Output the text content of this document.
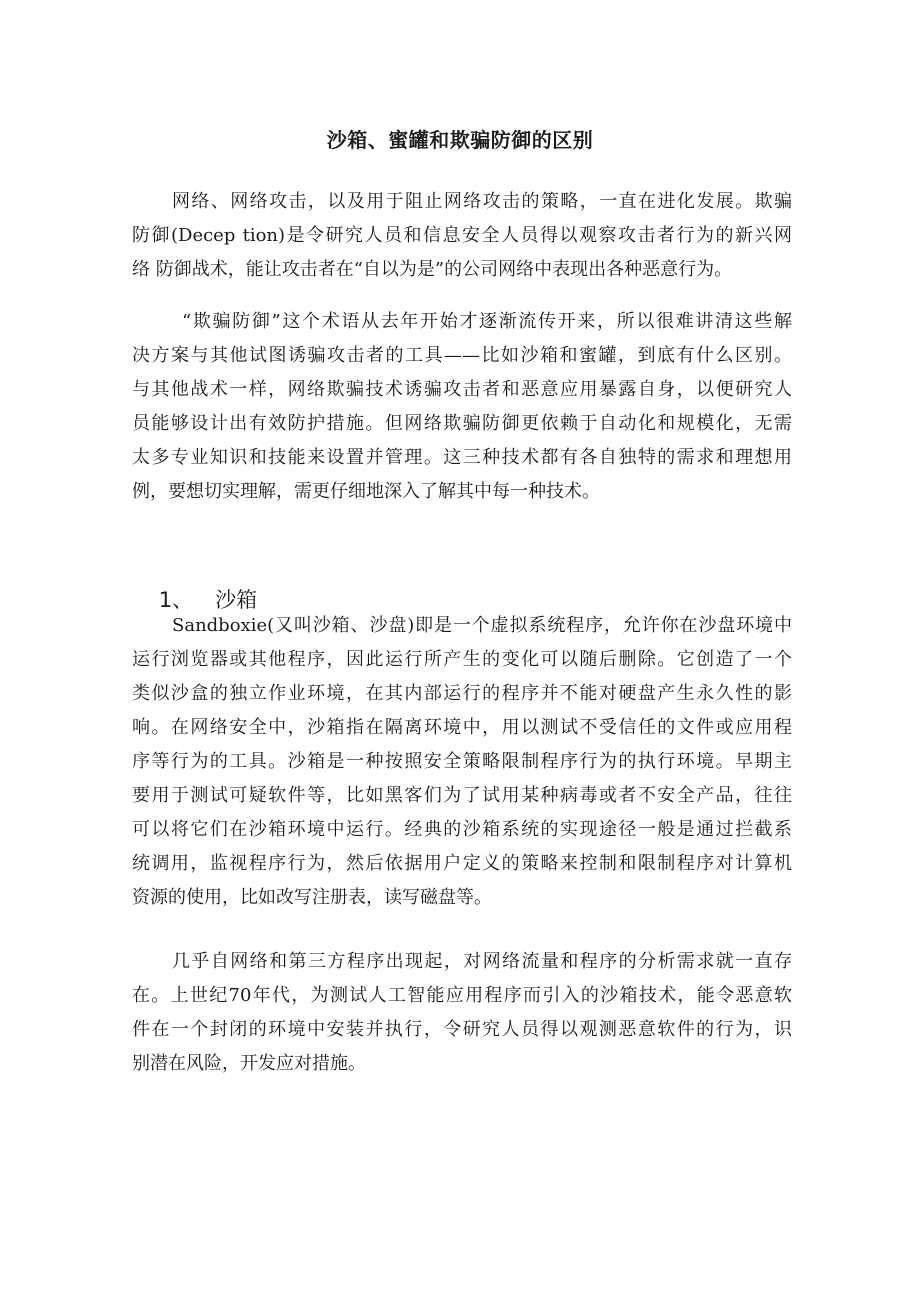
沙箱、蜜罐和欺骗防御的区别
网络、网络攻击，以及用于阻止网络攻击的策略，一直在进化发展。欺骗
防御(Decep tion)是令研究人员和信息安全人员得以观察攻击者行为的新兴网
络 防御战术，能让攻击者在“自以为是”的公司网络中表现出各种恶意行为。
“欺骗防御”这个术语从去年开始才逐渐流传开来，所以很难讲清这些解
决方案与其他试图诱骗攻击者的工具——比如沙箱和蜜罐，到底有什么区别。
与其他战术一样，网络欺骗技术诱骗攻击者和恶意应用暴露自身，以便研究人
员能够设计出有效防护措施。但网络欺骗防御更依赖于自动化和规模化，无需
太多专业知识和技能来设置并管理。这三种技术都有各自独特的需求和理想用
例，要想切实理解，需更仔细地深入了解其中每一种技术。

1、 沙箱

Sandboxie(又叫沙箱、沙盘)即是一个虚拟系统程序，允许你在沙盘环境中
运行浏览器或其他程序，因此运行所产生的变化可以随后删除。它创造了一个
类似沙盒的独立作业环境，在其内部运行的程序并不能对硬盘产生永久性的影
响。在网络安全中，沙箱指在隔离环境中，用以测试不受信任的文件或应用程
序等行为的工具。沙箱是一种按照安全策略限制程序行为的执行环境。早期主
要用于测试可疑软件等，比如黑客们为了试用某种病毒或者不安全产品，往往
可以将它们在沙箱环境中运行。经典的沙箱系统的实现途径一般是通过拦截系
统调用，监视程序行为，然后依据用户定义的策略来控制和限制程序对计算机
资源的使用，比如改写注册表，读写磁盘等。
几乎自网络和第三方程序出现起，对网络流量和程序的分析需求就一直存
在。上世纪70年代，为测试人工智能应用程序而引入的沙箱技术，能令恶意软
件在一个封闭的环境中安装并执行，令研究人员得以观测恶意软件的行为，识
别潜在风险，开发应对措施。
